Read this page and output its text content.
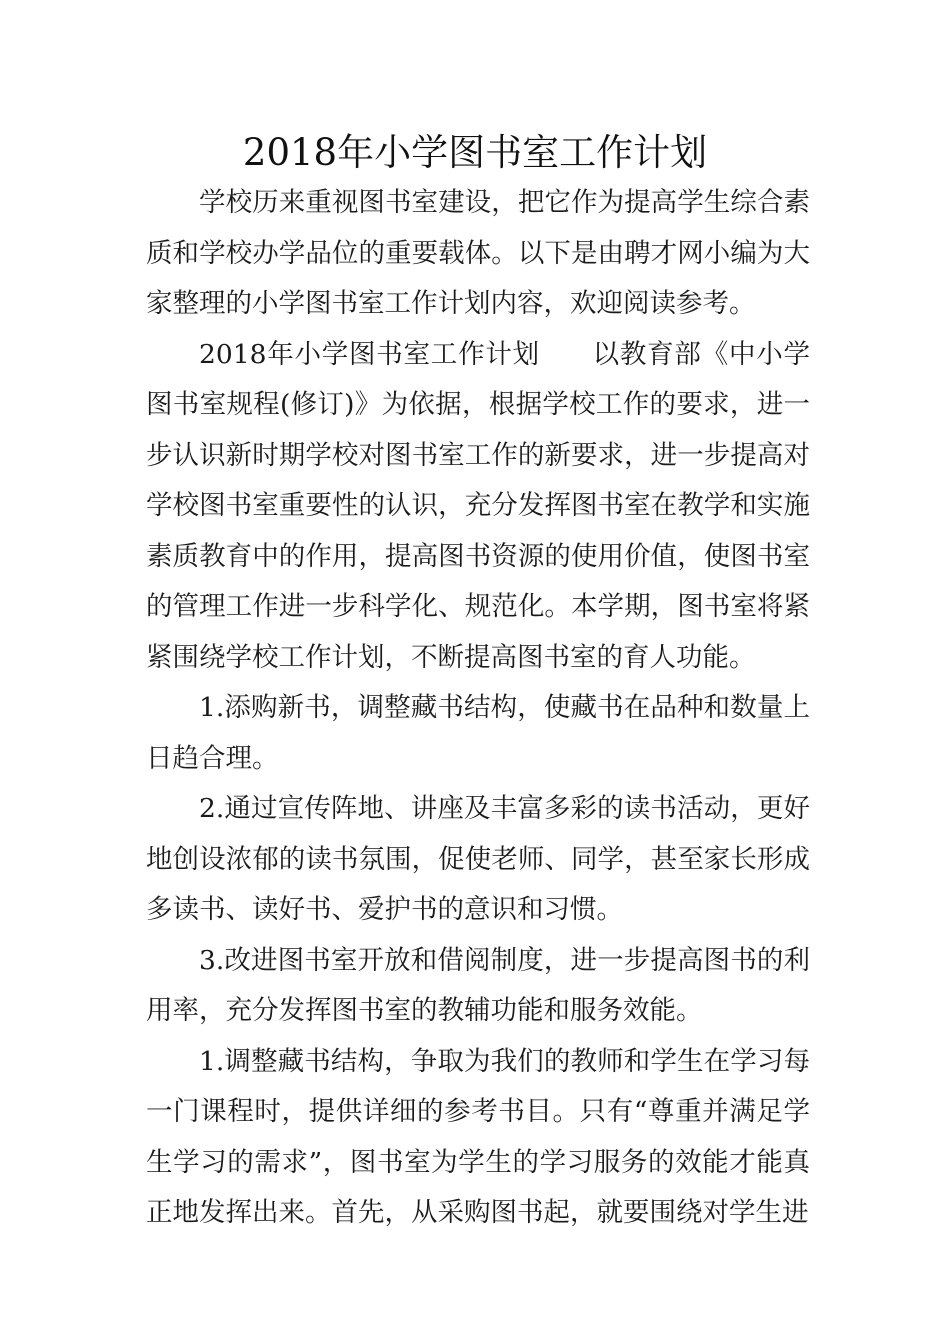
2018年小学图书室工作计划

学校历来重视图书室建设，把它作为提高学生综合素质和学校办学品位的重要载体。以下是由聘才网小编为大家整理的小学图书室工作计划内容，欢迎阅读参考。

2018年小学图书室工作计划 以教育部《中小学图书室规程(修订)》为依据，根据学校工作的要求，进一步认识新时期学校对图书室工作的新要求，进一步提高对学校图书室重要性的认识，充分发挥图书室在教学和实施素质教育中的作用，提高图书资源的使用价值，使图书室的管理工作进一步科学化、规范化。本学期，图书室将紧紧围绕学校工作计划，不断提高图书室的育人功能。

1.添购新书，调整藏书结构，使藏书在品种和数量上日趋合理。

2.通过宣传阵地、讲座及丰富多彩的读书活动，更好地创设浓郁的读书氛围，促使老师、同学，甚至家长形成多读书、读好书、爱护书的意识和习惯。

3.改进图书室开放和借阅制度，进一步提高图书的利用率，充分发挥图书室的教辅功能和服务效能。

1.调整藏书结构，争取为我们的教师和学生在学习每一门课程时，提供详细的参考书目。只有“尊重并满足学生学习的需求”，图书室为学生的学习服务的效能才能真正地发挥出来。首先，从采购图书起，就要围绕对学生进
